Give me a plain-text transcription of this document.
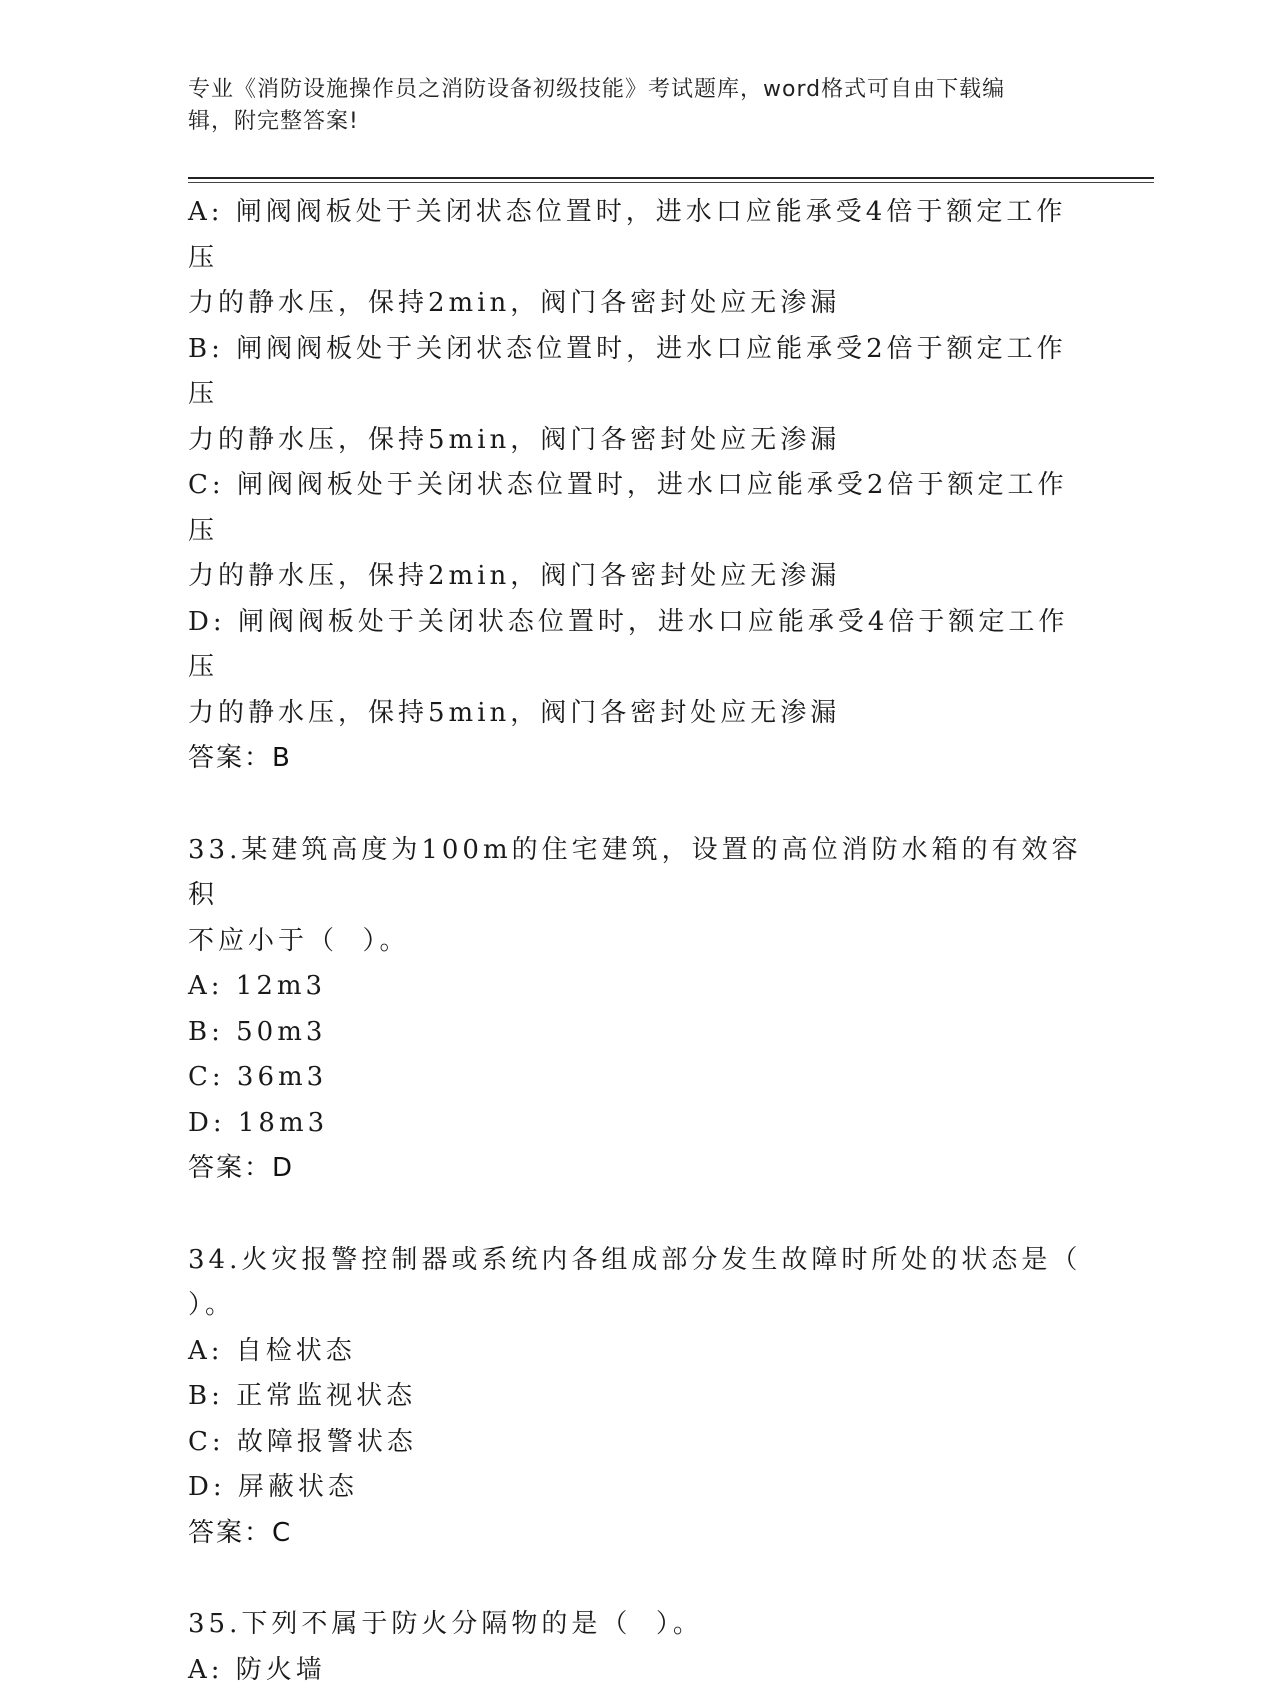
专业《消防设施操作员之消防设备初级技能》考试题库，word格式可自由下载编
辑，附完整答案!
A: 闸阀阀板处于关闭状态位置时，进水口应能承受4倍于额定工作压
力的静水压，保持2min，阀门各密封处应无渗漏
B: 闸阀阀板处于关闭状态位置时，进水口应能承受2倍于额定工作压
力的静水压，保持5min，阀门各密封处应无渗漏
C: 闸阀阀板处于关闭状态位置时，进水口应能承受2倍于额定工作压
力的静水压，保持2min，阀门各密封处应无渗漏
D: 闸阀阀板处于关闭状态位置时，进水口应能承受4倍于额定工作压
力的静水压，保持5min，阀门各密封处应无渗漏
答案：B
33.某建筑高度为100m的住宅建筑，设置的高位消防水箱的有效容积
不应小于（  ）。
A: 12m3
B: 50m3
C: 36m3
D: 18m3
答案：D
34.火灾报警控制器或系统内各组成部分发生故障时所处的状态是（
）。
A: 自检状态
B: 正常监视状态
C: 故障报警状态
D: 屏蔽状态
答案：C
35.下列不属于防火分隔物的是（  ）。
A: 防火墙
